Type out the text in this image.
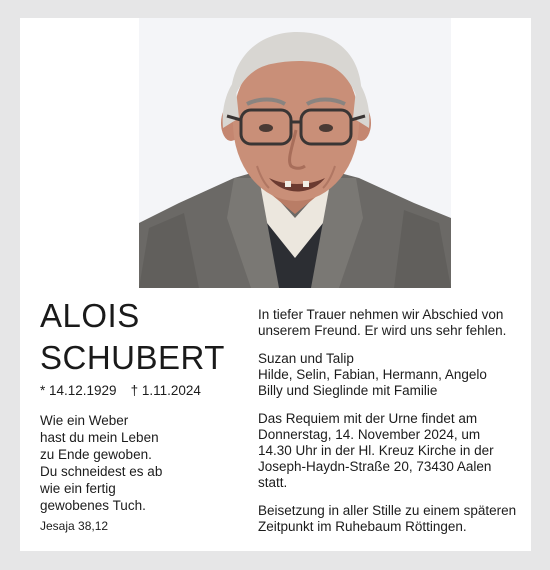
ALOIS
SCHUBERT
* 14.12.1929 † 1.11.2024
Wie ein Weber
hast du mein Leben
zu Ende gewoben.
Du schneidest es ab
wie ein fertig
gewobenes Tuch.
Jesaja 38,12
In tiefer Trauer nehmen wir Abschied von
unserem Freund. Er wird uns sehr fehlen.
Suzan und Talip
Hilde, Selin, Fabian, Hermann, Angelo
Billy und Sieglinde mit Familie
Das Requiem mit der Urne findet am
Donnerstag, 14. November 2024, um
14.30 Uhr in der Hl. Kreuz Kirche in der
Joseph-Haydn-Straße 20, 73430 Aalen
statt.
Beisetzung in aller Stille zu einem späteren
Zeitpunkt im Ruhebaum Röttingen.
